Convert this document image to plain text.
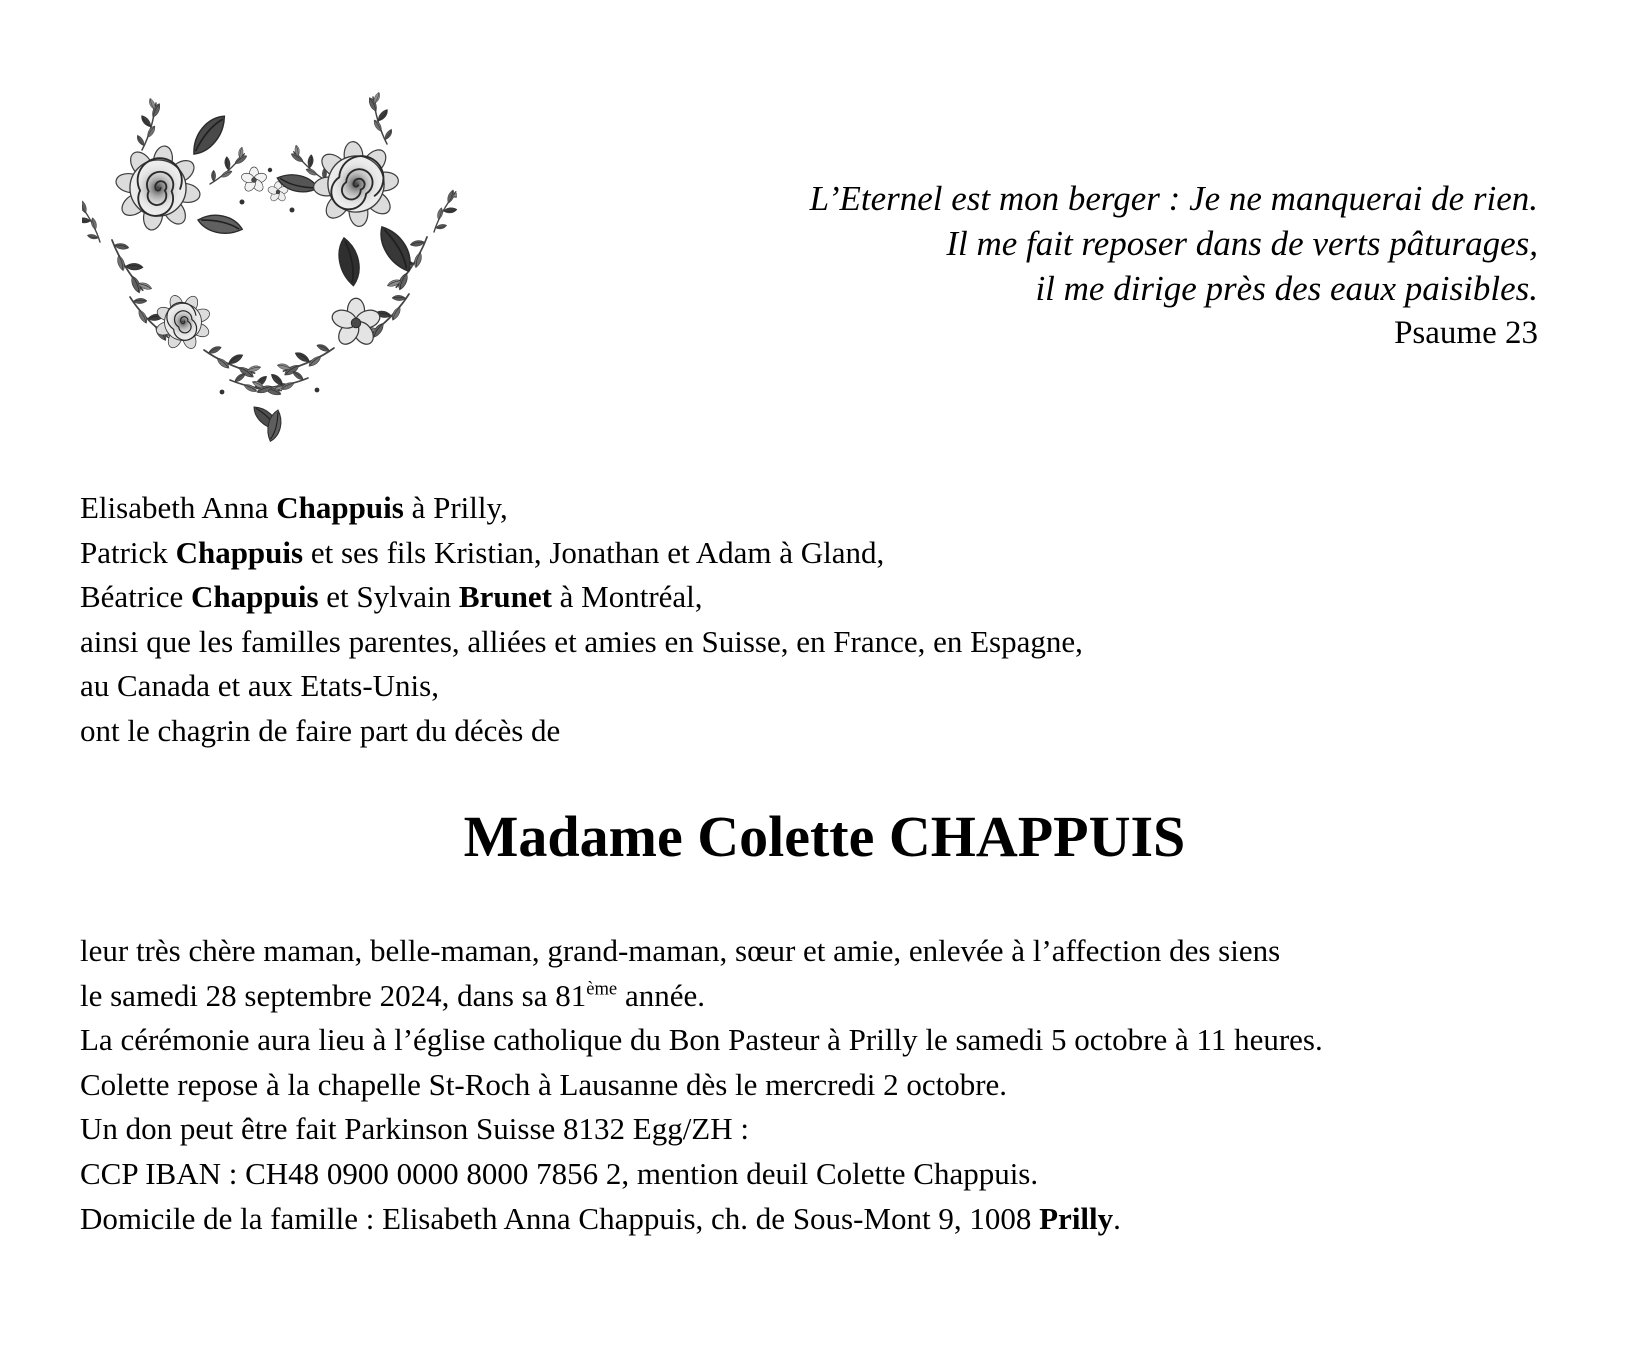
L’Eternel est mon berger : Je ne manquerai de rien.
Il me fait reposer dans de verts pâturages,
il me dirige près des eaux paisibles.
Psaume 23
Elisabeth Anna Chappuis à Prilly,
Patrick Chappuis et ses fils Kristian, Jonathan et Adam à Gland,
Béatrice Chappuis et Sylvain Brunet à Montréal,
ainsi que les familles parentes, alliées et amies en Suisse, en France, en Espagne,
au Canada et aux Etats-Unis,
ont le chagrin de faire part du décès de
Madame Colette CHAPPUIS
leur très chère maman, belle-maman, grand-maman, sœur et amie, enlevée à l’affection des siens
le samedi 28 septembre 2024, dans sa 81ème année.
La cérémonie aura lieu à l’église catholique du Bon Pasteur à Prilly le samedi 5 octobre à 11 heures.
Colette repose à la chapelle St-Roch à Lausanne dès le mercredi 2 octobre.
Un don peut être fait Parkinson Suisse 8132 Egg/ZH :
CCP IBAN : CH48 0900 0000 8000 7856 2, mention deuil Colette Chappuis.
Domicile de la famille : Elisabeth Anna Chappuis, ch. de Sous-Mont 9, 1008 Prilly.
